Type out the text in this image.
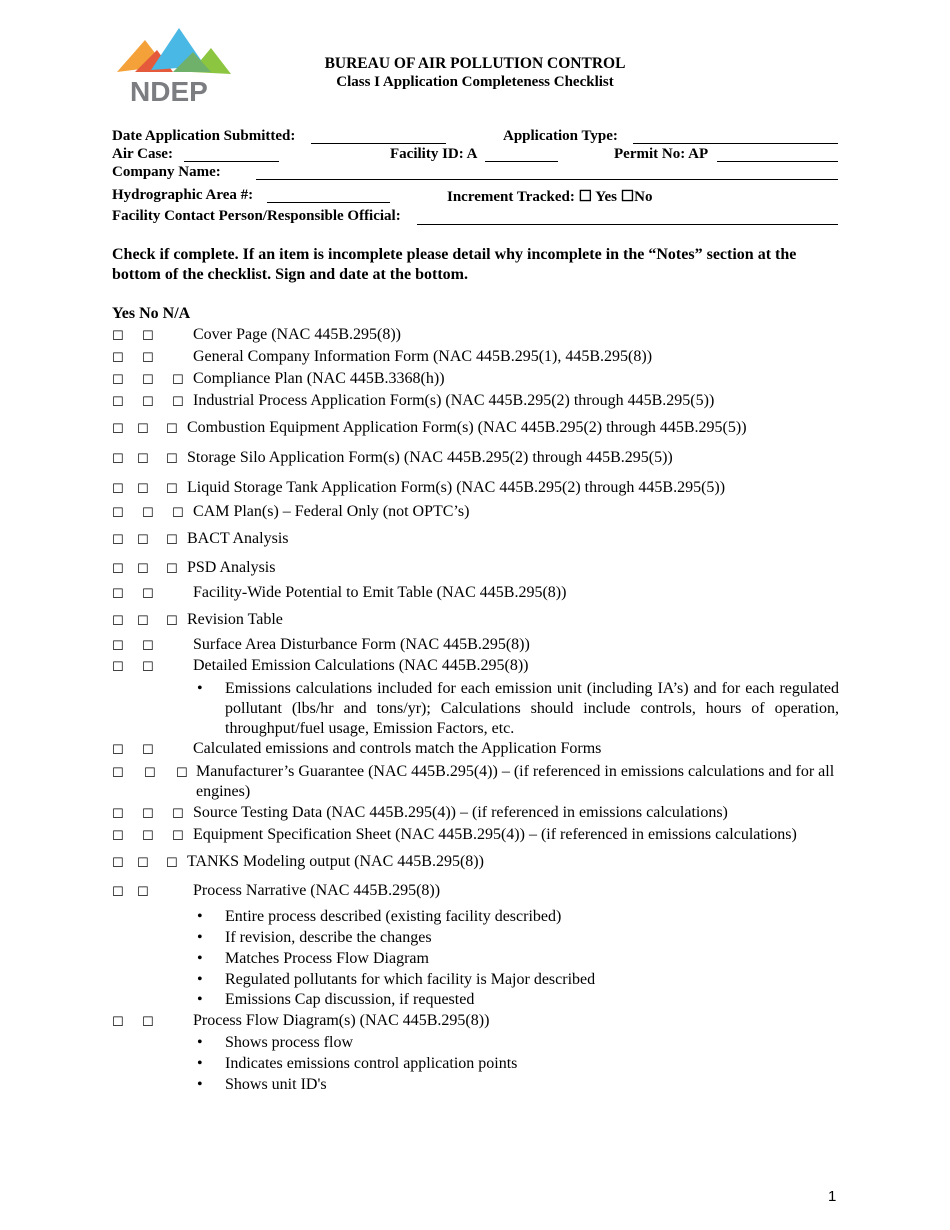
NDEP
BUREAU OF AIR POLLUTION CONTROL
Class I Application Completeness Checklist
Date Application Submitted:	Application Type:
Air Case:	Facility ID: A	Permit No: AP
Company Name:
Hydrographic Area #:	Increment Tracked: ☐ Yes ☐No
Facility Contact Person/Responsible Official:
Check if complete. If an item is incomplete please detail why incomplete in the “Notes” section at the bottom of the checklist. Sign and date at the bottom.
Yes No N/A
☐ ☐ Cover Page (NAC 445B.295(8))
☐ ☐ General Company Information Form (NAC 445B.295(1), 445B.295(8))
☐ ☐ ☐ Compliance Plan (NAC 445B.3368(h))
☐ ☐ ☐ Industrial Process Application Form(s) (NAC 445B.295(2) through 445B.295(5))
☐ ☐ ☐ Combustion Equipment Application Form(s) (NAC 445B.295(2) through 445B.295(5))
☐ ☐ ☐ Storage Silo Application Form(s) (NAC 445B.295(2) through 445B.295(5))
☐ ☐ ☐ Liquid Storage Tank Application Form(s) (NAC 445B.295(2) through 445B.295(5))
☐ ☐ ☐ CAM Plan(s) – Federal Only (not OPTC’s)
☐ ☐ ☐ BACT Analysis
☐ ☐ ☐ PSD Analysis
☐ ☐ Facility-Wide Potential to Emit Table (NAC 445B.295(8))
☐ ☐ ☐ Revision Table
☐ ☐ Surface Area Disturbance Form (NAC 445B.295(8))
☐ ☐ Detailed Emission Calculations (NAC 445B.295(8))
• Emissions calculations included for each emission unit (including IA’s) and for each regulated pollutant (lbs/hr and tons/yr); Calculations should include controls, hours of operation, throughput/fuel usage, Emission Factors, etc.
☐ ☐ Calculated emissions and controls match the Application Forms
☐ ☐ ☐ Manufacturer’s Guarantee (NAC 445B.295(4)) – (if referenced in emissions calculations and for all engines)
☐ ☐ ☐ Source Testing Data (NAC 445B.295(4)) – (if referenced in emissions calculations)
☐ ☐ ☐ Equipment Specification Sheet (NAC 445B.295(4)) – (if referenced in emissions calculations)
☐ ☐ ☐ TANKS Modeling output (NAC 445B.295(8))
☐ ☐	Process Narrative (NAC 445B.295(8))
• Entire process described (existing facility described)
• If revision, describe the changes
• Matches Process Flow Diagram
• Regulated pollutants for which facility is Major described
• Emissions Cap discussion, if requested
☐ ☐ Process Flow Diagram(s) (NAC 445B.295(8))
• Shows process flow
• Indicates emissions control application points
• Shows unit ID's
1
